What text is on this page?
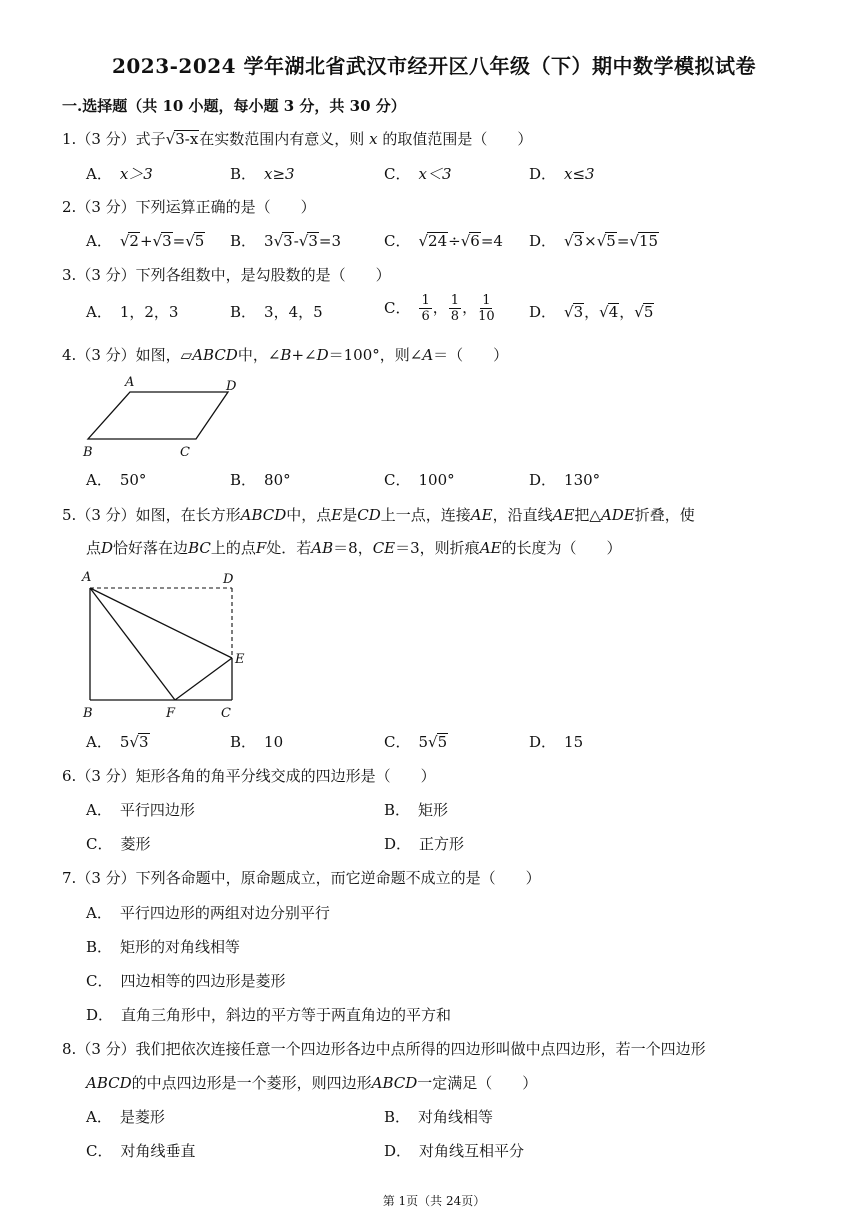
2023-2024 学年湖北省武汉市经开区八年级（下）期中数学模拟试卷
一.选择题（共 10 小题，每小题 3 分，共 30 分）
1.（3 分）式子√3-x在实数范围内有意义，则 x 的取值范围是（　　）
A． x＞3	B． x≥3	C． x＜3	D． x≤3
2.（3 分）下列运算正确的是（　　）
A． √2+√3=√5 B． 3√3-√3=3	C． √24÷√6=4 D． √3×√5=√15
3.（3 分）下列各组数中，是勾股数的是（　　）
A． 1，2，3	B． 3，4，5	C． $\frac{1}{6}$ ， $\frac{1}{8}$ ， $\frac{1}{10}$ D． √3，√4，√5
4.（3 分）如图，▱ABCD中，∠B+∠D＝100°，则∠A＝（　　）
A	D
B	C
A． 50°	B． 80°	C． 100°	D． 130°
5.（3 分）如图，在长方形ABCD中，点E是CD上一点，连接AE，沿直线AE把△ADE折叠，使
点D恰好落在边BC上的点F处．若AB＝8，CE＝3，则折痕AE的长度为（　　）
A	D
E
B	F	C
A． 5√3	B． 10	C． 5√5	D． 15
6.（3 分）矩形各角的角平分线交成的四边形是（　　）
A． 平行四边形	B． 矩形
C． 菱形	D． 正方形
7.（3 分）下列各命题中，原命题成立，而它逆命题不成立的是（　　）
A． 平行四边形的两组对边分别平行
B． 矩形的对角线相等
C． 四边相等的四边形是菱形
D． 直角三角形中，斜边的平方等于两直角边的平方和
8.（3 分）我们把依次连接任意一个四边形各边中点所得的四边形叫做中点四边形，若一个四边形
ABCD的中点四边形是一个菱形，则四边形ABCD一定满足（　　）
A． 是菱形	B． 对角线相等
C． 对角线垂直	D． 对角线互相平分
第 1页（共 24页）
